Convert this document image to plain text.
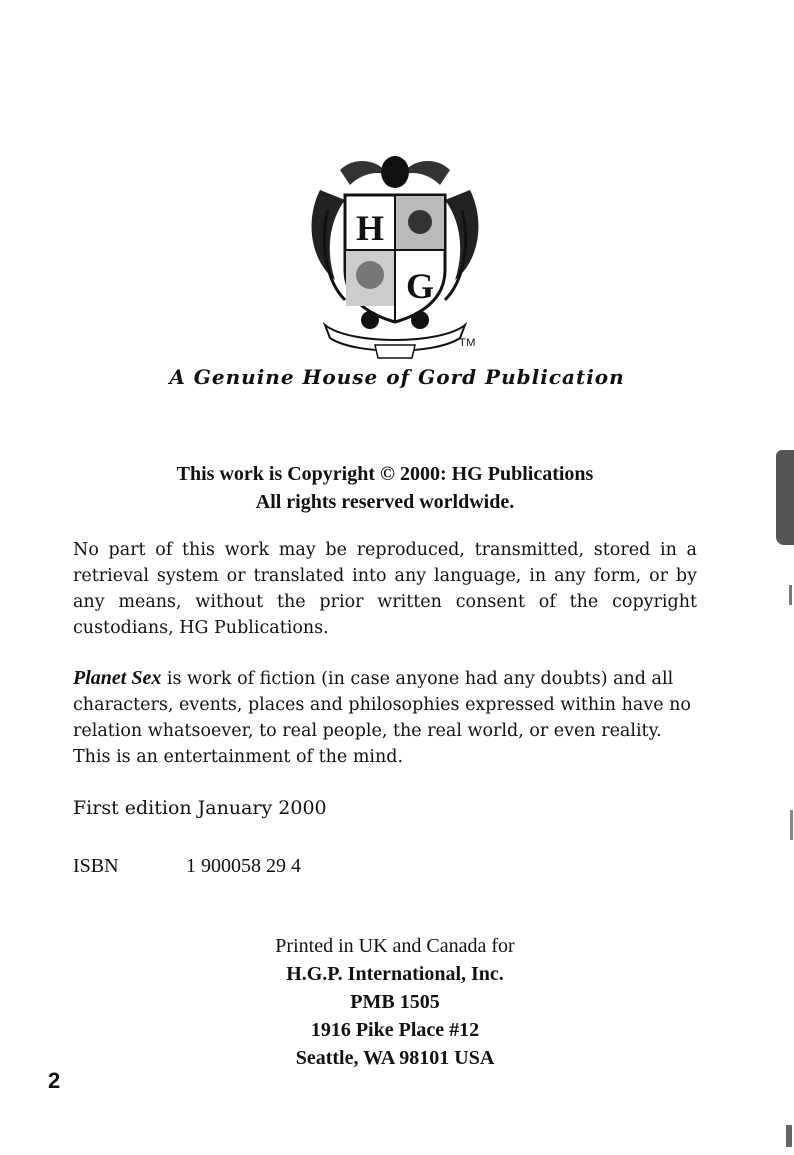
H
G
TM
A Genuine House of Gord Publication
This work is Copyright © 2000: HG Publications
All rights reserved worldwide.
No part of this work may be reproduced, transmitted, stored in a retrieval system or translated into any language, in any form, or by any means, without the prior written consent of the copyright custodians, HG Publications.
Planet Sex is work of fiction (in case anyone had any doubts) and all characters, events, places and philosophies expressed within have no relation whatsoever, to real people, the real world, or even reality. This is an entertainment of the mind.
First edition January 2000
ISBN	1 900058 29 4
Printed in UK and Canada for
H.G.P. International, Inc.
PMB 1505
1916 Pike Place #12
Seattle, WA 98101 USA
2
